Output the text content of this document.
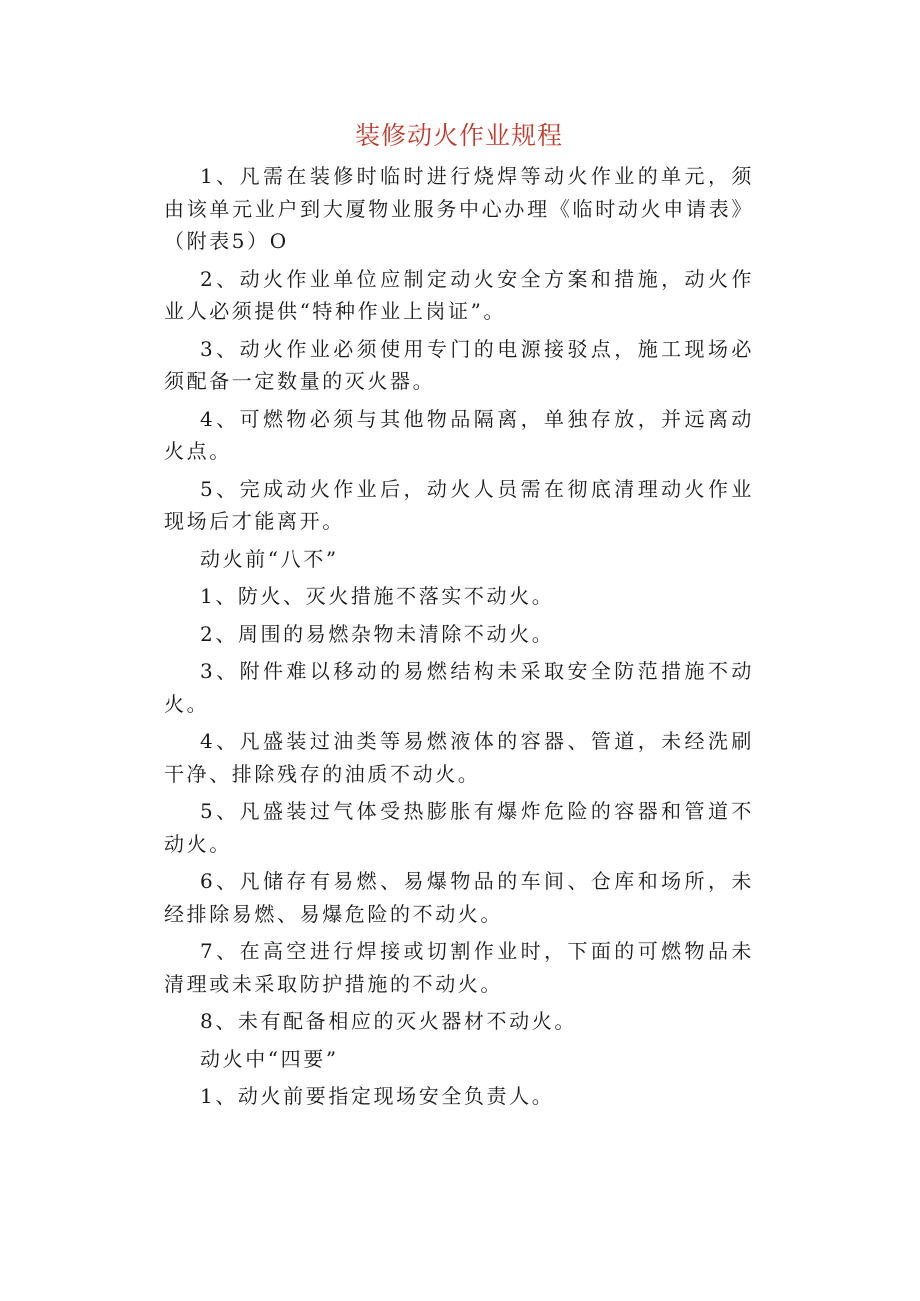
装修动火作业规程

1、凡需在装修时临时进行烧焊等动火作业的单元，须由该单元业户到大厦物业服务中心办理《临时动火申请表》（附表5）O

2、动火作业单位应制定动火安全方案和措施，动火作业人必须提供“特种作业上岗证”。

3、动火作业必须使用专门的电源接驳点，施工现场必须配备一定数量的灭火器。

4、可燃物必须与其他物品隔离，单独存放，并远离动火点。

5、完成动火作业后，动火人员需在彻底清理动火作业现场后才能离开。

动火前“八不”

1、防火、灭火措施不落实不动火。

2、周围的易燃杂物未清除不动火。

3、附件难以移动的易燃结构未采取安全防范措施不动火。

4、凡盛装过油类等易燃液体的容器、管道，未经洗刷干净、排除残存的油质不动火。

5、凡盛装过气体受热膨胀有爆炸危险的容器和管道不动火。

6、凡储存有易燃、易爆物品的车间、仓库和场所，未经排除易燃、易爆危险的不动火。

7、在高空进行焊接或切割作业时，下面的可燃物品未清理或未采取防护措施的不动火。

8、未有配备相应的灭火器材不动火。

动火中“四要”

1、动火前要指定现场安全负责人。
